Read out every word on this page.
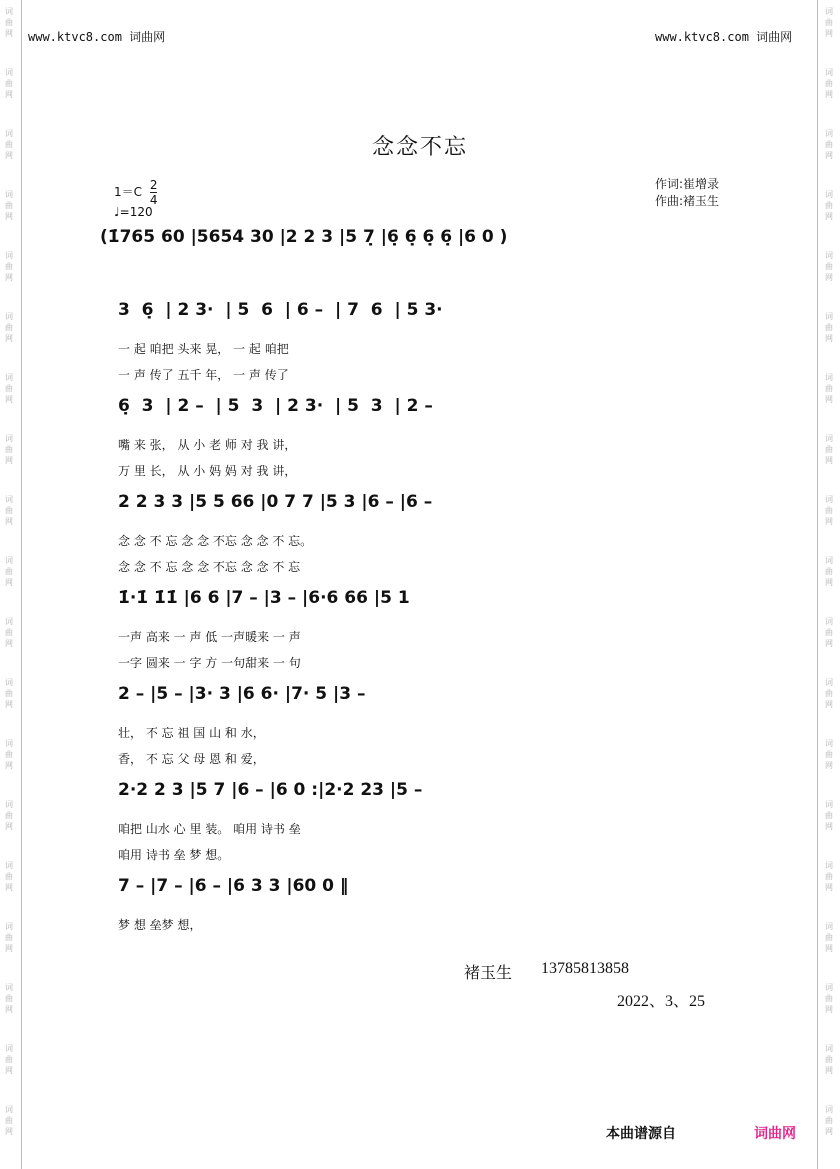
词
曲
网
词
曲
网
词
曲
网
词
曲
网
词
曲
网
词
曲
网
词
曲
网
词
曲
网
词
曲
网
词
曲
网
词
曲
网
词
曲
网
词
曲
网
词
曲
网
词
曲
网
词
曲
网
词
曲
网
词
曲
网
词
曲
网
词
曲
网
词
曲
网
词
曲
网
词
曲
网
词
曲
网
词
曲
网
词
曲
网
词
曲
网
词
曲
网
词
曲
网
词
曲
网
词
曲
网
词
曲
网
词
曲
网
词
曲
网
词
曲
网
词
曲
网
词
曲
网
词
曲
网
www.ktvc8.com 词曲网	www.ktvc8.com 词曲网
念念不忘
$1=C \frac{2}{4}$
♩=120
作词:崔增录
作曲:褚玉生
(1̇765 60 |5654 30 |2 2 3 |5 7̣ |6̣ 6̣ 6̣ 6̣ |6 0 )
3  6̣  | 2 3·  | 5  6  | 6 –  | 7  6  | 5 3·
一 起 咱把 头来 晃， 一 起 咱把
一 声 传了 五千 年， 一 声 传了
6̣  3  | 2 –  | 5  3  | 2 3·  | 5  3  | 2 –
嘴 来 张， 从 小 老 师 对 我 讲，
万 里 长， 从 小 妈 妈 对 我 讲，
2 2 3 3 |5 5 66 |0 7 7 |5 3 |6 – |6 –
念 念 不 忘 念 念 不忘 念 念 不 忘。
念 念 不 忘 念 念 不忘 念 念 不 忘
1̇·1̇ 1̇1̇ |6 6 |7 – |3 – |6·6 66 |5 1
一声 高来 一 声 低 一声暖来 一 声
一字 圆来 一 字 方 一句甜来 一 句
2 – |5 – |3· 3 |6 6· |7· 5 |3 –
壮， 不 忘 祖 国 山 和 水，
香， 不 忘 父 母 恩 和 爱，
2·2 2 3 |5 7 |6 – |6 0 :|2·2 23 |5 –
咱把 山水 心 里 装。 咱用 诗书 垒
咱用 诗书 垒 梦 想。
7 – |7 – |6 – |6 3 3 |60 0 ‖
梦 想 垒梦 想，
褚玉生 13785813858
2022、3、25
本曲谱源自	词曲网
